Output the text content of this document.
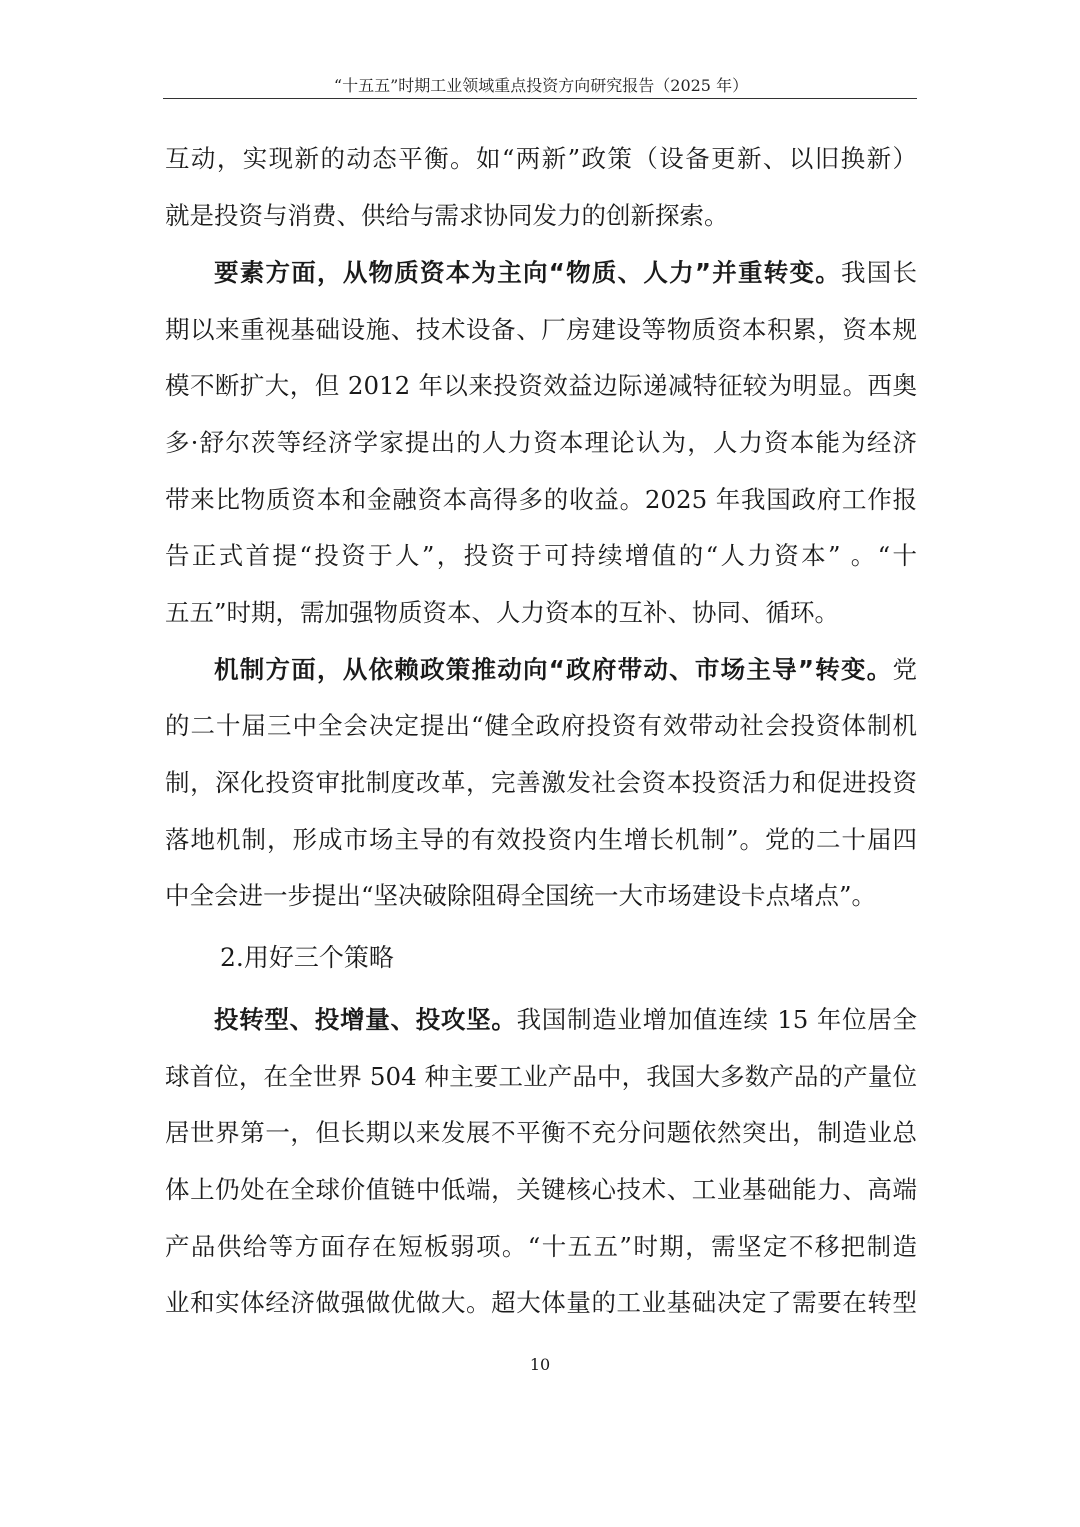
“十五五”时期工业领域重点投资方向研究报告（2025 年）
互动，实现新的动态平衡。如“两新”政策（设备更新、以旧换新）
就是投资与消费、供给与需求协同发力的创新探索。
要素方面，从物质资本为主向“物质、人力”并重转变。我国长
期以来重视基础设施、技术设备、厂房建设等物质资本积累，资本规
模不断扩大，但 2012 年以来投资效益边际递减特征较为明显。西奥
多·舒尔茨等经济学家提出的人力资本理论认为，人力资本能为经济
带来比物质资本和金融资本高得多的收益。2025 年我国政府工作报
告正式首提“投资于人”，投资于可持续增值的“人力资本” 。“十
五五”时期，需加强物质资本、人力资本的互补、协同、循环。
机制方面，从依赖政策推动向“政府带动、市场主导”转变。党
的二十届三中全会决定提出“健全政府投资有效带动社会投资体制机
制，深化投资审批制度改革，完善激发社会资本投资活力和促进投资
落地机制，形成市场主导的有效投资内生增长机制”。党的二十届四
中全会进一步提出“坚决破除阻碍全国统一大市场建设卡点堵点”。
2.用好三个策略
投转型、投增量、投攻坚。我国制造业增加值连续 15 年位居全
球首位，在全世界 504 种主要工业产品中，我国大多数产品的产量位
居世界第一，但长期以来发展不平衡不充分问题依然突出，制造业总
体上仍处在全球价值链中低端，关键核心技术、工业基础能力、高端
产品供给等方面存在短板弱项。“十五五”时期，需坚定不移把制造
业和实体经济做强做优做大。超大体量的工业基础决定了需要在转型
10
